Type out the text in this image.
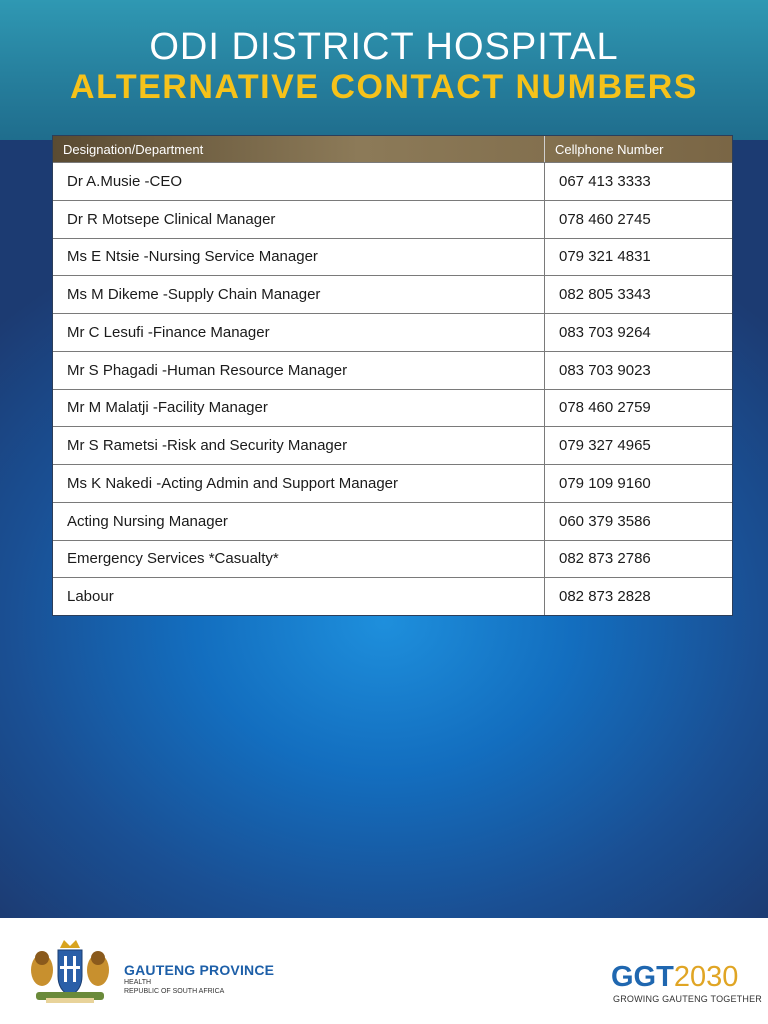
ODI DISTRICT HOSPITAL
ALTERNATIVE CONTACT NUMBERS
Designation/Department	Cellphone Number
Dr A.Musie -CEO	067 413 3333
Dr R Motsepe Clinical Manager	078 460 2745
Ms E Ntsie -Nursing Service Manager	079 321 4831
Ms M Dikeme -Supply Chain Manager	082 805 3343
Mr C Lesufi -Finance Manager	083 703 9264
Mr S Phagadi -Human Resource Manager	083 703 9023
Mr M Malatji -Facility Manager	078 460 2759
Mr S Rametsi -Risk and Security Manager	079 327 4965
Ms K Nakedi -Acting Admin and Support Manager	079 109 9160
Acting Nursing Manager	060 379 3586
Emergency Services *Casualty*	082 873 2786
Labour	082 873 2828
GAUTENG PROVINCE
HEALTH
REPUBLIC OF SOUTH AFRICA	GGT2030
GROWING GAUTENG TOGETHER
